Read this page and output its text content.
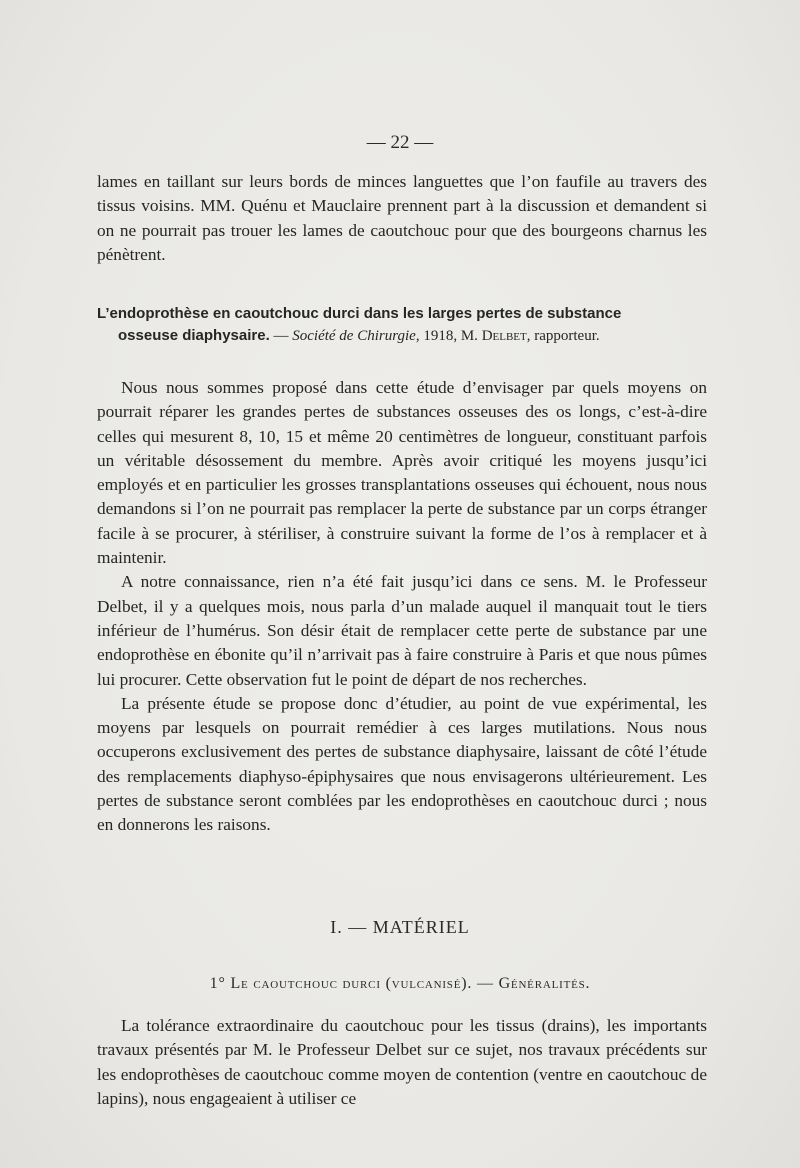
— 22 —

lames en taillant sur leurs bords de minces languettes que l’on faufile au travers des tissus voisins. MM. Quénu et Mauclaire prennent part à la discussion et demandent si on ne pourrait pas trouer les lames de caoutchouc pour que des bourgeons charnus les pénètrent.

L’endoprothèse en caoutchouc durci dans les larges pertes de substance
osseuse diaphysaire. — Société de Chirurgie, 1918, M. Delbet, rapporteur.

Nous nous sommes proposé dans cette étude d’envisager par quels moyens on pourrait réparer les grandes pertes de substances osseuses des os longs, c’est-à-dire celles qui mesurent 8, 10, 15 et même 20 centimètres de longueur, constituant parfois un véritable désossement du membre. Après avoir critiqué les moyens jusqu’ici employés et en particulier les grosses transplantations osseuses qui échouent, nous nous demandons si l’on ne pourrait pas remplacer la perte de substance par un corps étranger facile à se procurer, à stériliser, à construire suivant la forme de l’os à remplacer et à maintenir.

A notre connaissance, rien n’a été fait jusqu’ici dans ce sens. M. le Professeur Delbet, il y a quelques mois, nous parla d’un malade auquel il manquait tout le tiers inférieur de l’humérus. Son désir était de remplacer cette perte de substance par une endoprothèse en ébonite qu’il n’arrivait pas à faire construire à Paris et que nous pûmes lui procurer. Cette observation fut le point de départ de nos recherches.

La présente étude se propose donc d’étudier, au point de vue expérimental, les moyens par lesquels on pourrait remédier à ces larges mutilations. Nous nous occuperons exclusivement des pertes de substance diaphysaire, laissant de côté l’étude des remplacements diaphyso-épiphysaires que nous envisagerons ultérieurement. Les pertes de substance seront comblées par les endoprothèses en caoutchouc durci ; nous en donnerons les raisons.

I. — MATÉRIEL
1° Le caoutchouc durci (vulcanisé). — Généralités.

La tolérance extraordinaire du caoutchouc pour les tissus (drains), les importants travaux présentés par M. le Professeur Delbet sur ce sujet, nos travaux précédents sur les endoprothèses de caoutchouc comme moyen de contention (ventre en caoutchouc de lapins), nous engageaient à utiliser ce
